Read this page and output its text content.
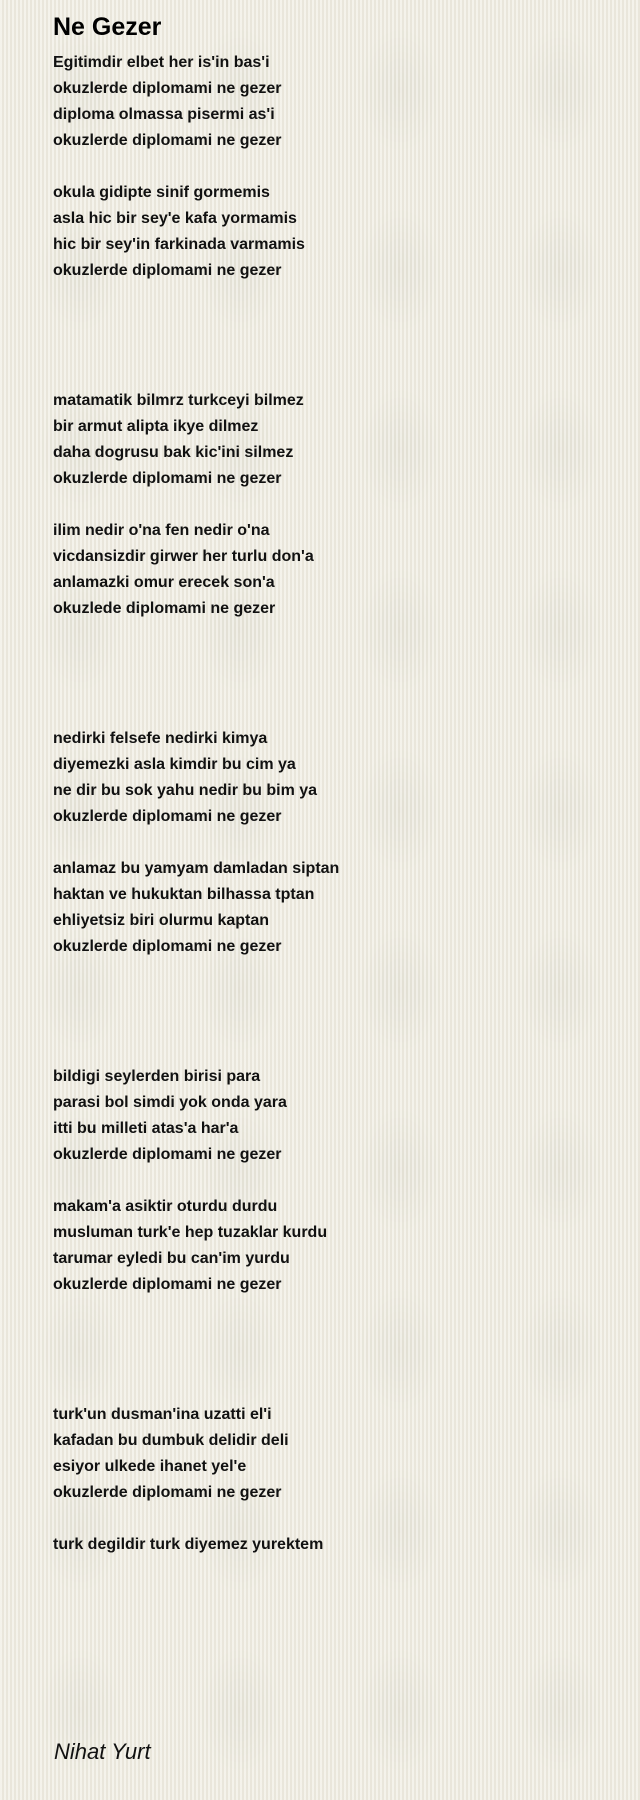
Ne Gezer
Egitimdir elbet her is'in bas'i
okuzlerde diplomami ne gezer
diploma olmassa pisermi as'i
okuzlerde diplomami ne gezer
okula gidipte sinif gormemis
asla hic bir sey'e kafa yormamis
hic bir sey'in farkinada varmamis
okuzlerde diplomami ne gezer
matamatik bilmrz turkceyi bilmez
bir armut alipta ikye dilmez
daha dogrusu bak kic'ini silmez
okuzlerde diplomami ne gezer
ilim nedir o'na fen nedir o'na
vicdansizdir girwer her turlu don'a
anlamazki omur erecek son'a
okuzlede diplomami ne gezer
nedirki felsefe nedirki kimya
diyemezki asla kimdir bu cim ya
ne dir bu sok yahu nedir bu bim ya
okuzlerde diplomami ne gezer
anlamaz bu yamyam damladan siptan
haktan ve hukuktan bilhassa tptan
ehliyetsiz biri olurmu kaptan
okuzlerde diplomami ne gezer
bildigi seylerden birisi para
parasi bol simdi yok onda yara
itti bu milleti atas'a har'a
okuzlerde diplomami ne gezer
makam'a asiktir oturdu durdu
musluman turk'e hep tuzaklar kurdu
tarumar eyledi bu can'im yurdu
okuzlerde diplomami ne gezer
turk'un dusman'ina uzatti el'i
kafadan bu dumbuk delidir deli
esiyor ulkede ihanet yel'e
okuzlerde diplomami ne gezer
turk degildir turk diyemez yurektem
Nihat Yurt
